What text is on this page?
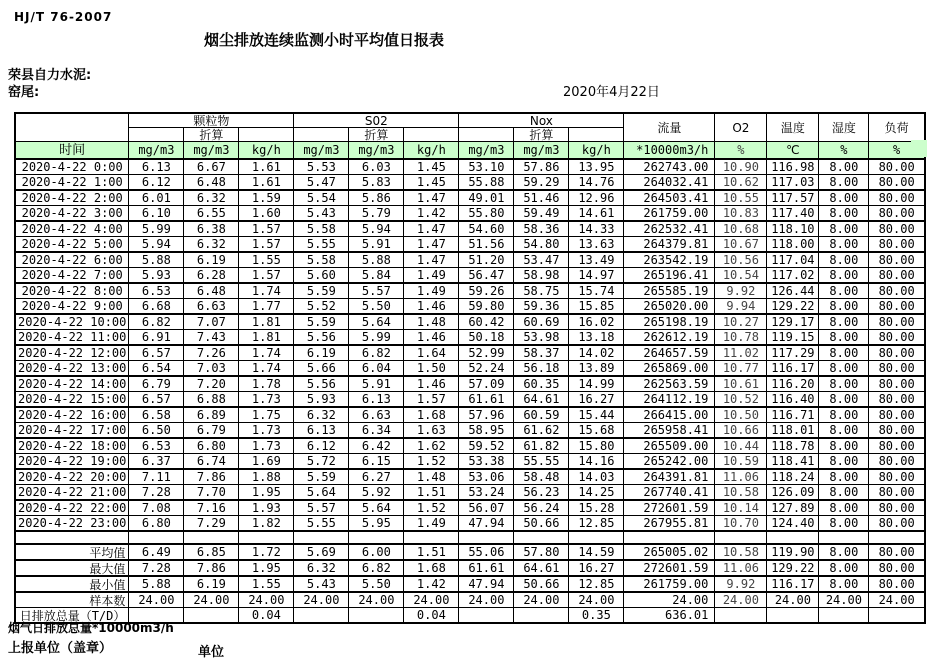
HJ/T 76-2007
烟尘排放连续监测小时平均值日报表
荣县自力水泥:
窑尾:	2020年4月22日
	颗粒物			S02			Nox			流量	O2	温度	湿度	负荷
		折算			折算			折算						
时间	mg/m3	mg/m3	kg/h	mg/m3	mg/m3	kg/h	mg/m3	mg/m3	kg/h	*10000m3/h	%	℃	%	%
2020-4-22 0:00	6.13	6.67	1.61	5.53	6.03	1.45	53.10	57.86	13.95	262743.00	10.90	116.98	8.00	80.00
2020-4-22 1:00	6.12	6.48	1.61	5.47	5.83	1.45	55.88	59.29	14.76	264032.41	10.62	117.03	8.00	80.00
2020-4-22 2:00	6.01	6.32	1.59	5.54	5.86	1.47	49.01	51.46	12.96	264503.41	10.55	117.57	8.00	80.00
2020-4-22 3:00	6.10	6.55	1.60	5.43	5.79	1.42	55.80	59.49	14.61	261759.00	10.83	117.40	8.00	80.00
2020-4-22 4:00	5.99	6.38	1.57	5.58	5.94	1.47	54.60	58.36	14.33	262532.41	10.68	118.10	8.00	80.00
2020-4-22 5:00	5.94	6.32	1.57	5.55	5.91	1.47	51.56	54.80	13.63	264379.81	10.67	118.00	8.00	80.00
2020-4-22 6:00	5.88	6.19	1.55	5.58	5.88	1.47	51.20	53.47	13.49	263542.19	10.56	117.04	8.00	80.00
2020-4-22 7:00	5.93	6.28	1.57	5.60	5.84	1.49	56.47	58.98	14.97	265196.41	10.54	117.02	8.00	80.00
2020-4-22 8:00	6.53	6.48	1.74	5.59	5.57	1.49	59.26	58.75	15.74	265585.19	9.92	126.44	8.00	80.00
2020-4-22 9:00	6.68	6.63	1.77	5.52	5.50	1.46	59.80	59.36	15.85	265020.00	9.94	129.22	8.00	80.00
2020-4-22 10:00	6.82	7.07	1.81	5.59	5.64	1.48	60.42	60.69	16.02	265198.19	10.27	129.17	8.00	80.00
2020-4-22 11:00	6.91	7.43	1.81	5.56	5.99	1.46	50.18	53.98	13.18	262612.19	10.78	119.15	8.00	80.00
2020-4-22 12:00	6.57	7.26	1.74	6.19	6.82	1.64	52.99	58.37	14.02	264657.59	11.02	117.29	8.00	80.00
2020-4-22 13:00	6.54	7.03	1.74	5.66	6.04	1.50	52.24	56.18	13.89	265869.00	10.77	116.17	8.00	80.00
2020-4-22 14:00	6.79	7.20	1.78	5.56	5.91	1.46	57.09	60.35	14.99	262563.59	10.61	116.20	8.00	80.00
2020-4-22 15:00	6.57	6.88	1.73	5.93	6.13	1.57	61.61	64.61	16.27	264112.19	10.52	116.40	8.00	80.00
2020-4-22 16:00	6.58	6.89	1.75	6.32	6.63	1.68	57.96	60.59	15.44	266415.00	10.50	116.71	8.00	80.00
2020-4-22 17:00	6.50	6.79	1.73	6.13	6.34	1.63	58.95	61.62	15.68	265958.41	10.66	118.01	8.00	80.00
2020-4-22 18:00	6.53	6.80	1.73	6.12	6.42	1.62	59.52	61.82	15.80	265509.00	10.44	118.78	8.00	80.00
2020-4-22 19:00	6.37	6.74	1.69	5.72	6.15	1.52	53.38	55.55	14.16	265242.00	10.59	118.41	8.00	80.00
2020-4-22 20:00	7.11	7.86	1.88	5.59	6.27	1.48	53.06	58.48	14.03	264391.81	11.06	118.24	8.00	80.00
2020-4-22 21:00	7.28	7.70	1.95	5.64	5.92	1.51	53.24	56.23	14.25	267740.41	10.58	126.09	8.00	80.00
2020-4-22 22:00	7.08	7.16	1.93	5.57	5.64	1.52	56.07	56.24	15.28	272601.59	10.14	127.89	8.00	80.00
2020-4-22 23:00	6.80	7.29	1.82	5.55	5.95	1.49	47.94	50.66	12.85	267955.81	10.70	124.40	8.00	80.00

平均值	6.49	6.85	1.72	5.69	6.00	1.51	55.06	57.80	14.59	265005.02	10.58	119.90	8.00	80.00

最大值	7.28	7.86	1.95	6.32	6.82	1.68	61.61	64.61	16.27	272601.59	11.06	129.22	8.00	80.00

最小值	5.88	6.19	1.55	5.43	5.50	1.42	47.94	50.66	12.85	261759.00	9.92	116.17	8.00	80.00

样本数	24.00	24.00	24.00	24.00	24.00	24.00	24.00	24.00	24.00	24.00	24.00	24.00	24.00	24.00

日排放总量（T/D）			0.04			0.04			0.35	636.01				
烟气日排放总量*10000m3/h
上报单位（盖章）	单位
